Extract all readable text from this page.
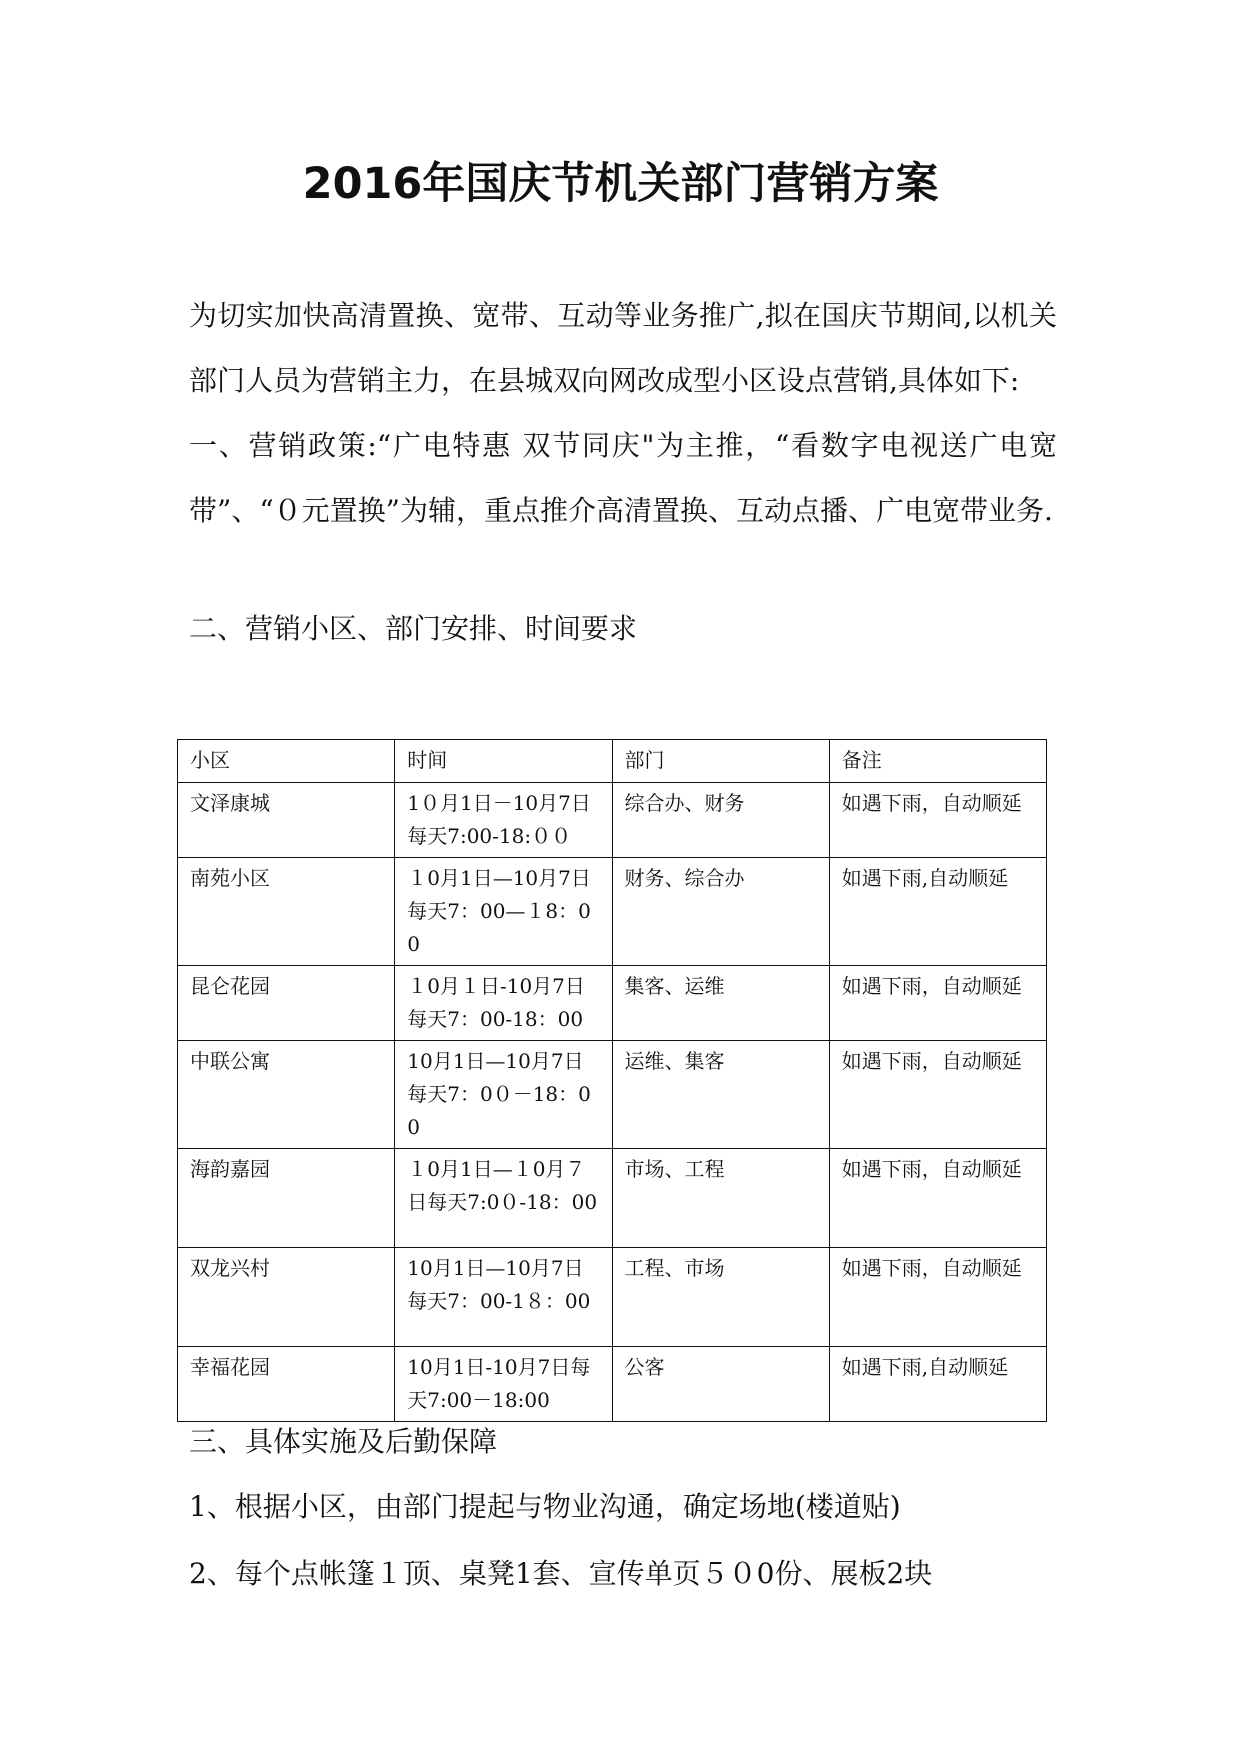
2016年国庆节机关部门营销方案

为切实加快高清置换、宽带、互动等业务推广,拟在国庆节期间,以机关部门人员为营销主力，在县城双向网改成型小区设点营销,具体如下:

一、营销政策:“广电特惠 双节同庆"为主推，“看数字电视送广电宽带”、“０元置换”为辅，重点推介高清置换、互动点播、广电宽带业务.

二、营销小区、部门安排、时间要求
小区	时间	部门	备注
文泽康城	1０月1日－10月7日每天7:00-18:００	综合办、财务	如遇下雨，自动顺延
南苑小区	１0月1日—10月7日每天7：00—１8：00	财务、综合办	如遇下雨,自动顺延
昆仑花园	１0月１日-10月7日每天7：00-18：00	集客、运维	如遇下雨，自动顺延
中联公寓	10月1日—10月7日每天7：0０－18：00	运维、集客	如遇下雨，自动顺延
海韵嘉园	１0月1日—１0月７日每天7:0０-18：00	市场、工程	如遇下雨，自动顺延
双龙兴村	10月1日—10月7日每天7：00-1８：00	工程、市场	如遇下雨，自动顺延
幸福花园	10月1日-10月7日每天7:00－18:00	公客	如遇下雨,自动顺延
三、具体实施及后勤保障
1、根据小区，由部门提起与物业沟通，确定场地(楼道贴)
2、每个点帐篷１顶、桌凳1套、宣传单页５０0份、展板2块
